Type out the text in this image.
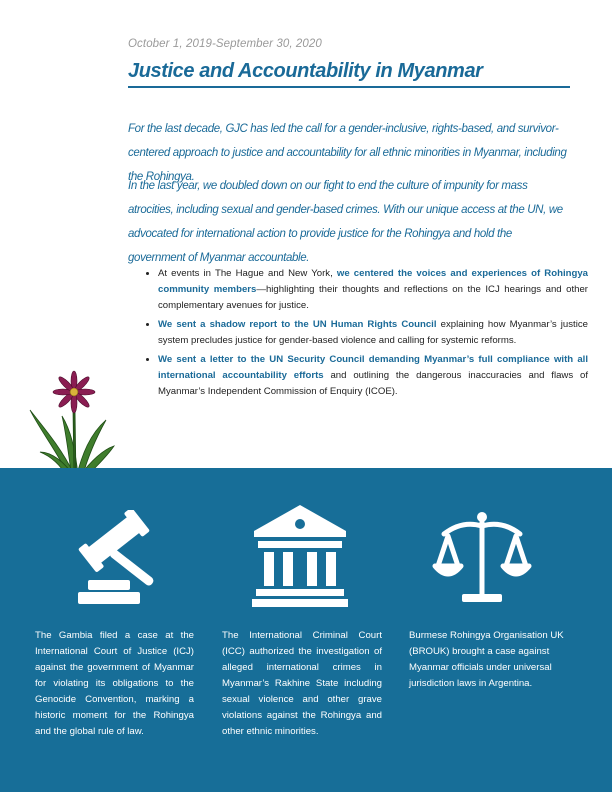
October 1, 2019-September 30, 2020
Justice and Accountability in Myanmar

For the last decade, GJC has led the call for a gender-inclusive, rights-based, and survivor-centered approach to justice and accountability for all ethnic minorities in Myanmar, including the Rohingya.

In the last year, we doubled down on our fight to end the culture of impunity for mass atrocities, including sexual and gender-based crimes. With our unique access at the UN, we advocated for international action to provide justice for the Rohingya and hold the government of Myanmar accountable.

• At events in The Hague and New York, we centered the voices and experiences of Rohingya community members—highlighting their thoughts and reflections on the ICJ hearings and other complementary avenues for justice.
• We sent a shadow report to the UN Human Rights Council explaining how Myanmar’s justice system precludes justice for gender-based violence and calling for systemic reforms.
• We sent a letter to the UN Security Council demanding Myanmar’s full compliance with all international accountability efforts and outlining the dangerous inaccuracies and flaws of Myanmar’s Independent Commission of Enquiry (ICOE).

The Gambia filed a case at the International Court of Justice (ICJ) against the government of Myanmar for violating its obligations to the Genocide Convention, marking a historic moment for the Rohingya and the global rule of law.

The International Criminal Court (ICC) authorized the investigation of alleged international crimes in Myanmar’s Rakhine State including sexual violence and other grave violations against the Rohingya and other ethnic minorities.

Burmese Rohingya Organisation UK (BROUK) brought a case against Myanmar officials under universal jurisdiction laws in Argentina.
